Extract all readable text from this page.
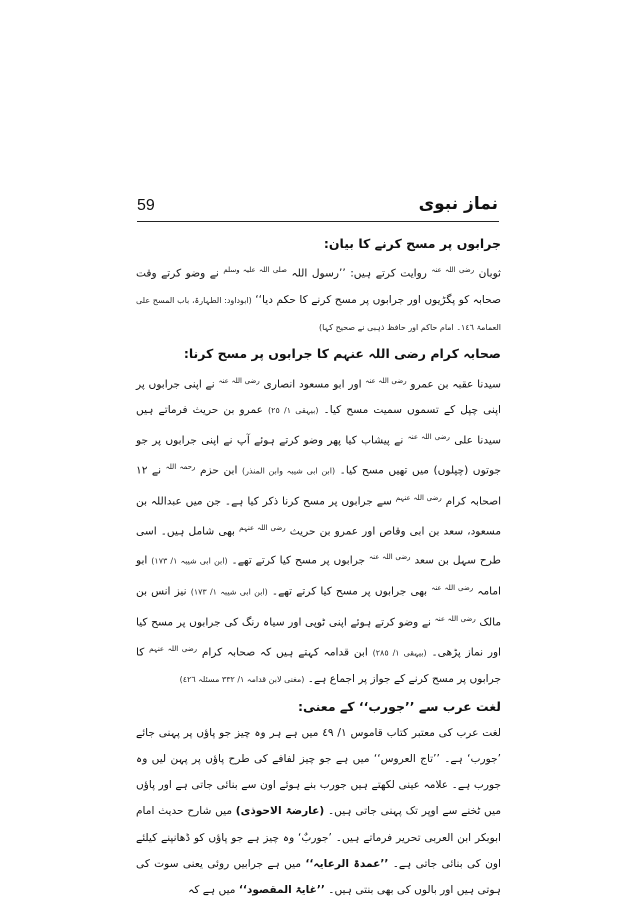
59	نماز نبوی

جرابوں پر مسح کرنے کا بیان:

ثوبان $^{رضی اللہ عنہ}$ روایت کرتے ہیں: ’’رسول اللہ $^{صلی اللہ علیہ وسلم}$ نے وضو کرتے وقت صحابہ کو پگڑیوں اور جرابوں پر مسح کرنے کا حکم دیا‘‘ (ابوداود: الطہارۃ، باب المسح علی العمامۃ ١٤٦۔ امام حاکم اور حافظ ذہبی نے صحیح کہا)

صحابہ کرام رضی اللہ عنہم کا جرابوں پر مسح کرنا:

سیدنا عقبہ بن عمرو $^{رضی اللہ عنہ}$ اور ابو مسعود انصاری $^{رضی اللہ عنہ}$ نے اپنی جرابوں پر اپنی چپل کے تسموں سمیت مسح کیا۔ (بیہقی ١/ ٢٥) عمرو بن حریث فرماتے ہیں سیدنا علی $^{رضی اللہ عنہ}$ نے پیشاب کیا پھر وضو کرتے ہوئے آپ نے اپنی جرابوں پر جو جوتوں (چپلوں) میں تھیں مسح کیا۔ (ابن ابی شیبہ وابن المنذر) ابن حزم $^{رحمہ اللہ}$ نے ١٢ اصحابہ کرام $^{رضی اللہ عنہم}$ سے جرابوں پر مسح کرنا ذکر کیا ہے۔ جن میں عبداللہ بن مسعود، سعد بن ابی وقاص اور عمرو بن حریث $^{رضی اللہ عنہم}$ بھی شامل ہیں۔ اسی طرح سہل بن سعد $^{رضی اللہ عنہ}$ جرابوں پر مسح کیا کرتے تھے۔ (ابن ابی شیبہ ١/ ١٧٣) ابو امامہ $^{رضی اللہ عنہ}$ بھی جرابوں پر مسح کیا کرتے تھے۔ (ابن ابی شیبہ ١/ ١٧٣) نیز انس بن مالک $^{رضی اللہ عنہ}$ نے وضو کرتے ہوئے اپنی ٹوپی اور سیاہ رنگ کی جرابوں پر مسح کیا اور نماز پڑھی۔ (بیہقی ١/ ٢٨٥) ابن قدامہ کہتے ہیں کہ صحابہ کرام $^{رضی اللہ عنہم}$ کا جرابوں پر مسح کرنے کے جواز پر اجماع ہے۔ (مغنی لابن قدامہ ١/ ٣٣٢ مسئلہ ٤٢٦)

لغت عرب سے ’’جورب‘‘ کے معنی:

لغت عرب کی معتبر کتاب قاموس ١/ ٤٩ میں ہے ہر وہ چیز جو پاؤں پر پہنی جائے ’جورب‘ ہے۔ ’’تاج العروس‘‘ میں ہے جو چیز لفافے کی طرح پاؤں پر پہن لیں وہ جورب ہے۔ علامہ عینی لکھتے ہیں جورب بنے ہوئے اون سے بنائی جاتی ہے اور پاؤں میں ٹخنے سے اوپر تک پہنی جاتی ہیں۔ (عارضۃ الاحوذی) میں شارح حدیث امام ابوبکر ابن العربی تحریر فرماتے ہیں۔ ’جوربٌ‘ وہ چیز ہے جو پاؤں کو ڈھانپنے کیلئے اون کی بنائی جاتی ہے۔ ’’عمدۃ الرعایہ‘‘ میں ہے جرابیں روئی یعنی سوت کی ہوتی ہیں اور بالوں کی بھی بنتی ہیں۔ ’’غایۃ المقصود‘‘ میں ہے کہ
